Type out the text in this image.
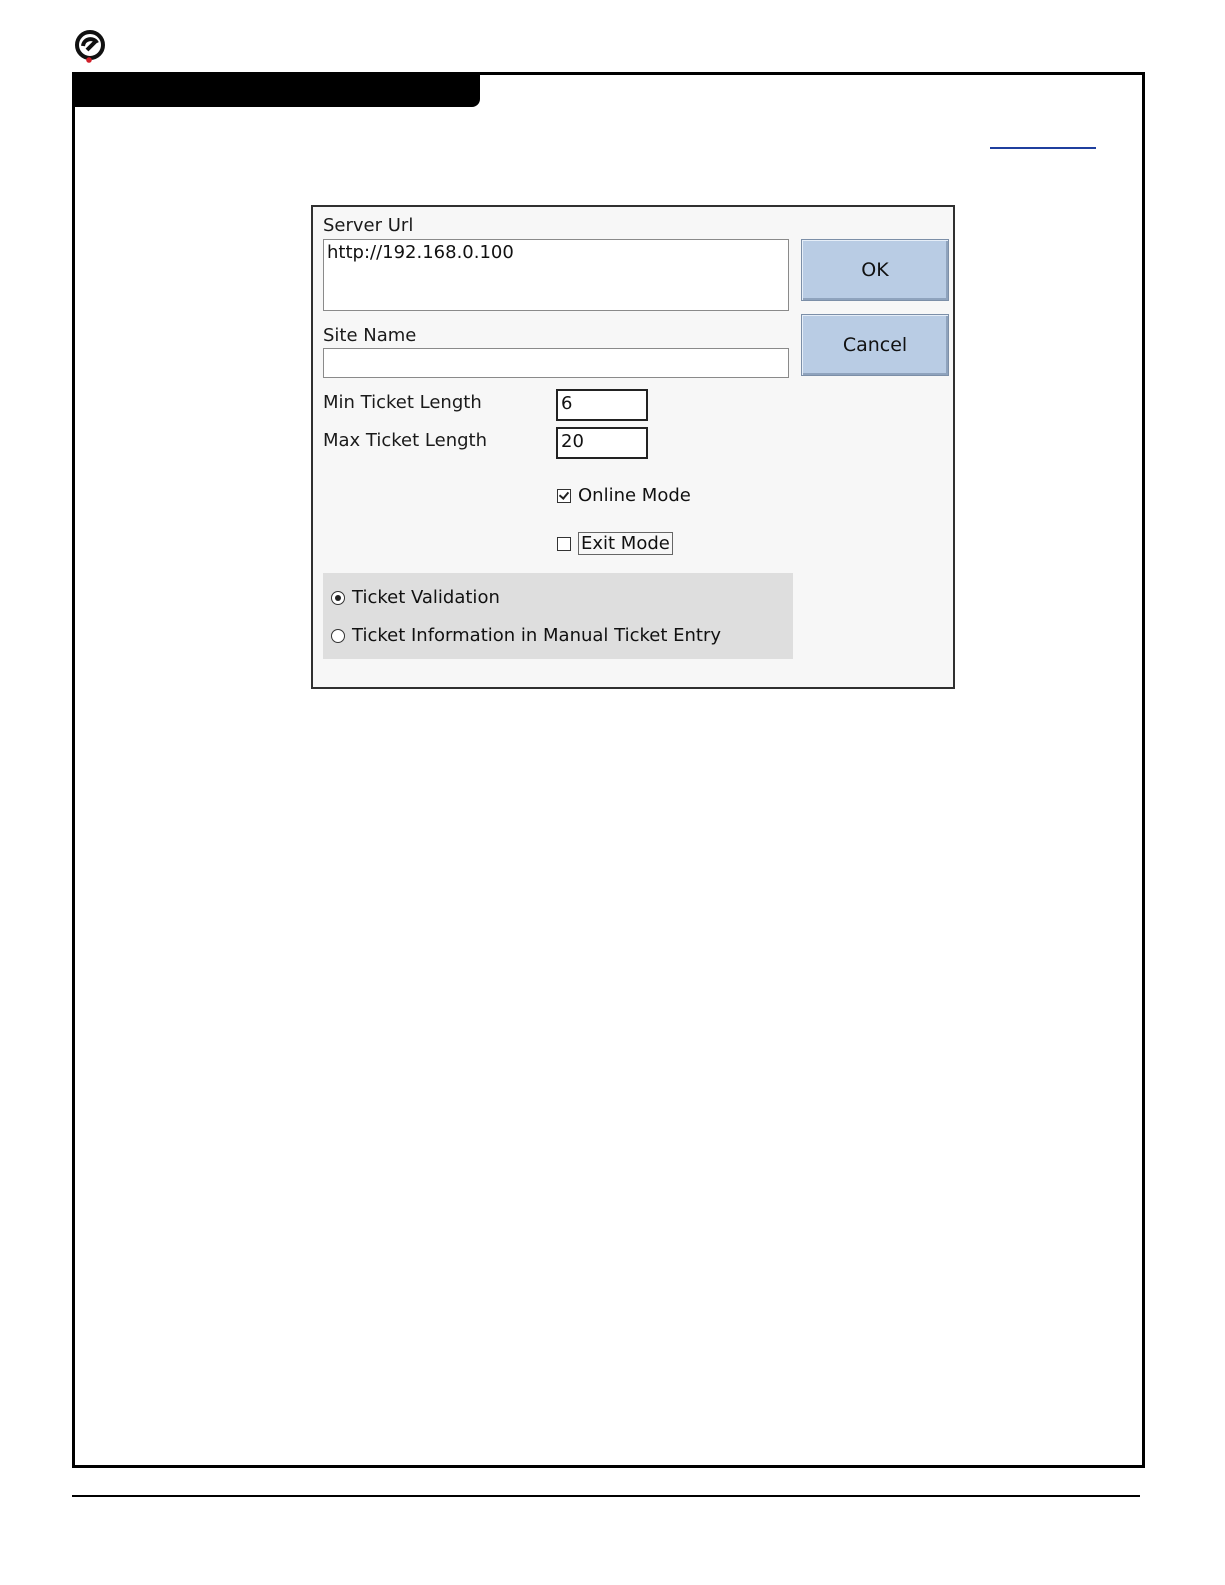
Server Url
http://192.168.0.100
Site Name
Min Ticket Length	6
Max Ticket Length	20
Online Mode
Exit Mode
OK
Cancel
Ticket Validation
Ticket Information in Manual Ticket Entry
